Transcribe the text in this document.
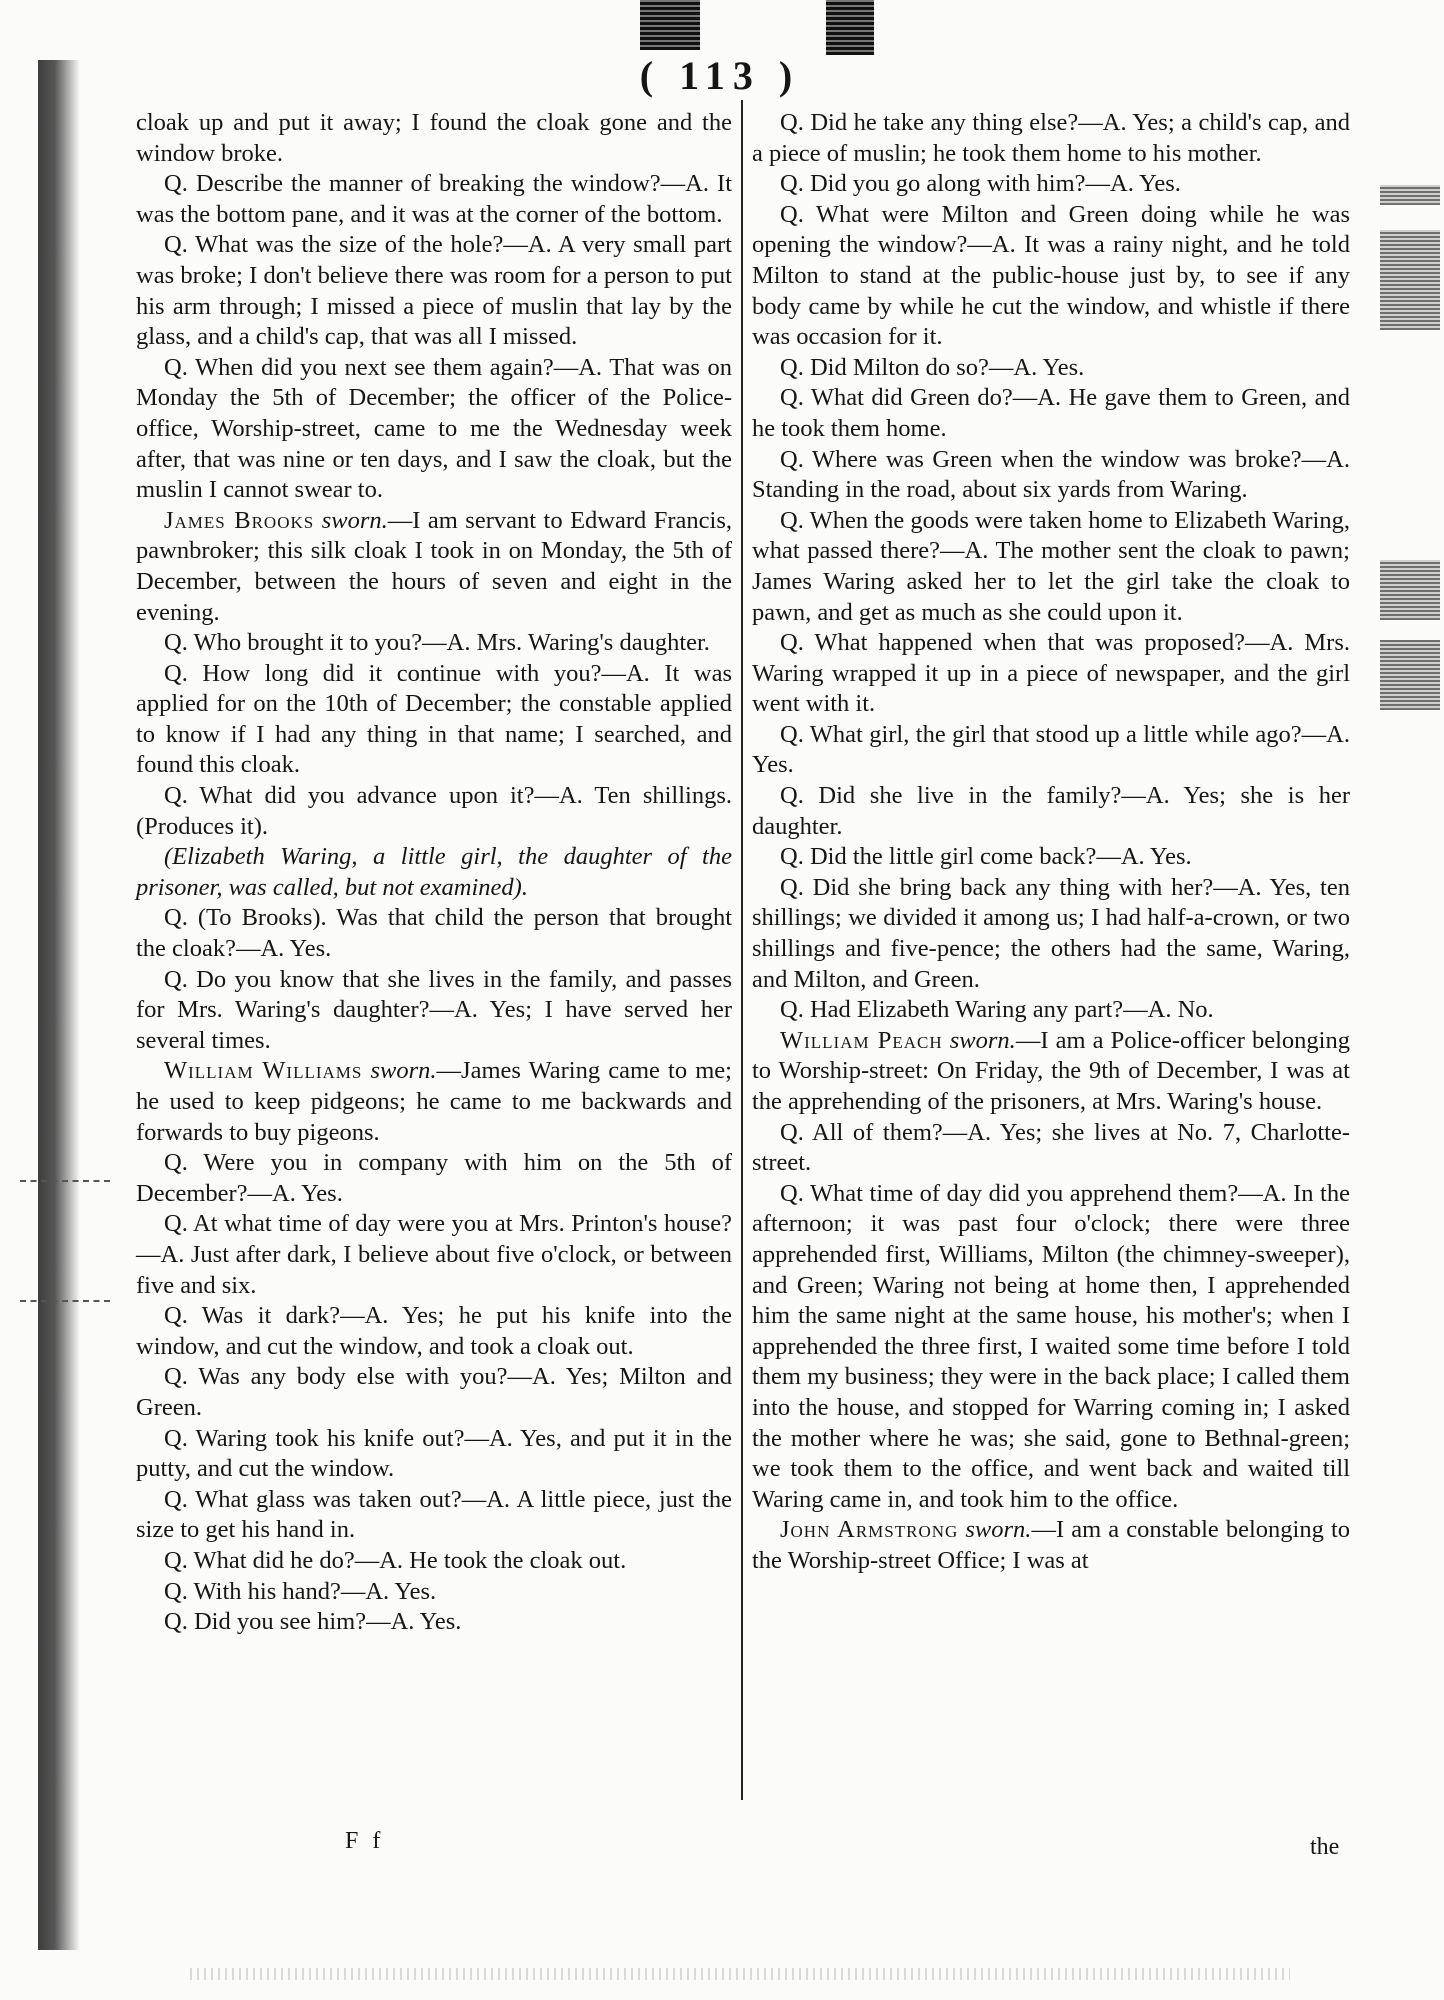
( 113 )

cloak up and put it away; I found the cloak gone and the window broke.

Q. Describe the manner of breaking the window?—A. It was the bottom pane, and it was at the corner of the bottom.

Q. What was the size of the hole?—A. A very small part was broke; I don't believe there was room for a person to put his arm through; I missed a piece of muslin that lay by the glass, and a child's cap, that was all I missed.

Q. When did you next see them again?—A. That was on Monday the 5th of December; the officer of the Police-office, Worship-street, came to me the Wednesday week after, that was nine or ten days, and I saw the cloak, but the muslin I cannot swear to.

James Brooks sworn.—I am servant to Edward Francis, pawnbroker; this silk cloak I took in on Monday, the 5th of December, between the hours of seven and eight in the evening.

Q. Who brought it to you?—A. Mrs. Waring's daughter.

Q. How long did it continue with you?—A. It was applied for on the 10th of December; the constable applied to know if I had any thing in that name; I searched, and found this cloak.

Q. What did you advance upon it?—A. Ten shillings. (Produces it).

(Elizabeth Waring, a little girl, the daughter of the prisoner, was called, but not examined).

Q. (To Brooks). Was that child the person that brought the cloak?—A. Yes.

Q. Do you know that she lives in the family, and passes for Mrs. Waring's daughter?—A. Yes; I have served her several times.

William Williams sworn.—James Waring came to me; he used to keep pidgeons; he came to me backwards and forwards to buy pigeons.

Q. Were you in company with him on the 5th of December?—A. Yes.

Q. At what time of day were you at Mrs. Printon's house?—A. Just after dark, I believe about five o'clock, or between five and six.

Q. Was it dark?—A. Yes; he put his knife into the window, and cut the window, and took a cloak out.

Q. Was any body else with you?—A. Yes; Milton and Green.

Q. Waring took his knife out?—A. Yes, and put it in the putty, and cut the window.

Q. What glass was taken out?—A. A little piece, just the size to get his hand in.

Q. What did he do?—A. He took the cloak out.

Q. With his hand?—A. Yes.

Q. Did you see him?—A. Yes.

Q. Did he take any thing else?—A. Yes; a child's cap, and a piece of muslin; he took them home to his mother.

Q. Did you go along with him?—A. Yes.

Q. What were Milton and Green doing while he was opening the window?—A. It was a rainy night, and he told Milton to stand at the public-house just by, to see if any body came by while he cut the window, and whistle if there was occasion for it.

Q. Did Milton do so?—A. Yes.

Q. What did Green do?—A. He gave them to Green, and he took them home.

Q. Where was Green when the window was broke?—A. Standing in the road, about six yards from Waring.

Q. When the goods were taken home to Elizabeth Waring, what passed there?—A. The mother sent the cloak to pawn; James Waring asked her to let the girl take the cloak to pawn, and get as much as she could upon it.

Q. What happened when that was proposed?—A. Mrs. Waring wrapped it up in a piece of newspaper, and the girl went with it.

Q. What girl, the girl that stood up a little while ago?—A. Yes.

Q. Did she live in the family?—A. Yes; she is her daughter.

Q. Did the little girl come back?—A. Yes.

Q. Did she bring back any thing with her?—A. Yes, ten shillings; we divided it among us; I had half-a-crown, or two shillings and five-pence; the others had the same, Waring, and Milton, and Green.

Q. Had Elizabeth Waring any part?—A. No.

William Peach sworn.—I am a Police-officer belonging to Worship-street: On Friday, the 9th of December, I was at the apprehending of the prisoners, at Mrs. Waring's house.

Q. All of them?—A. Yes; she lives at No. 7, Charlotte-street.

Q. What time of day did you apprehend them?—A. In the afternoon; it was past four o'clock; there were three apprehended first, Williams, Milton (the chimney-sweeper), and Green; Waring not being at home then, I apprehended him the same night at the same house, his mother's; when I apprehended the three first, I waited some time before I told them my business; they were in the back place; I called them into the house, and stopped for Warring coming in; I asked the mother where he was; she said, gone to Bethnal-green; we took them to the office, and went back and waited till Waring came in, and took him to the office.

John Armstrong sworn.—I am a constable belonging to the Worship-street Office; I was at

F f	the
